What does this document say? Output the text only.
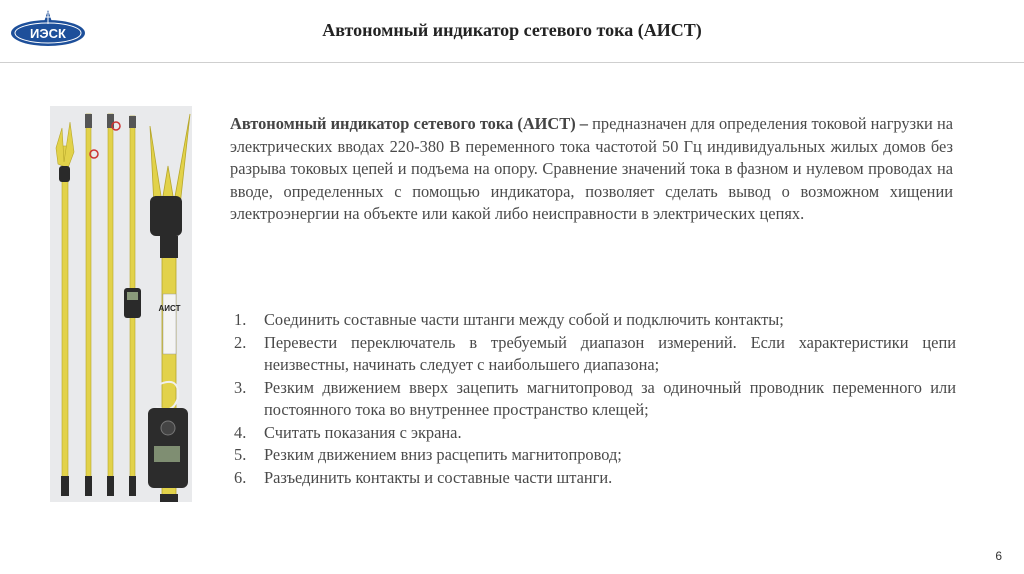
ИЭСК	Автономный индикатор сетевого тока (АИСТ)
АИСТ

Автономный индикатор сетевого тока (АИСТ) – предназначен для определения токовой нагрузки на электрических вводах 220-380 В переменного тока частотой 50 Гц индивидуальных жилых домов без разрыва токовых цепей и подъема на опору. Сравнение значений тока в фазном и нулевом проводах на вводе, определенных с помощью индикатора, позволяет сделать вывод о возможном хищении электроэнергии на объекте или какой либо неисправности в электрических цепях.

1.	Соединить составные части штанги между собой и подключить контакты;
2.	Перевести переключатель в требуемый диапазон измерений. Если характеристики цепи неизвестны, начинать следует с наибольшего диапазона;
3.	Резким движением вверх зацепить магнитопровод за одиночный проводник переменного или постоянного тока во внутреннее пространство клещей;
4.	Считать показания с экрана.
5.	Резким движением вниз расцепить магнитопровод;
6.	Разъединить контакты и составные части штанги.
6
